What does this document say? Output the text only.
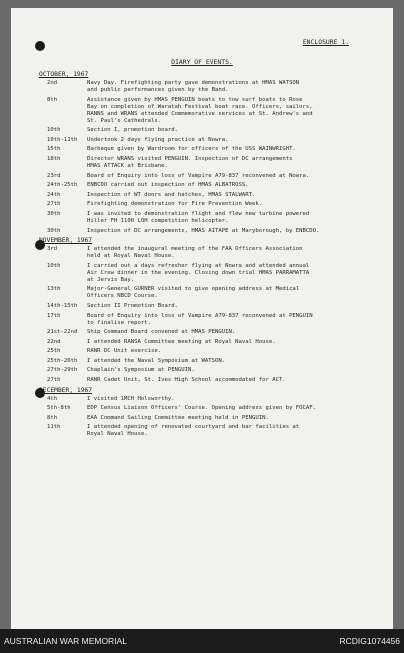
ENCLOSURE 1.
DIARY OF EVENTS.
OCTOBER, 1967
2nd	Navy Day. Firefighting party gave demonstrations at HMAS WATSON
and public performances given by the Band.
8th	Assistance given by HMAS PENGUIN boats to tow surf boats to Rose
Bay on completion of Waratah Festival boat race. Officers, sailors,
RANNS and WRANS attended Commemorative services at St. Andrew's and
St. Paul's Cathedrals.
10th	Section I, promotion board.
10th-11th	Undertook 2 days flying practice at Nowra.
15th	Barbeque given by Wardroom for officers of the USS WAINWRIGHT.
18th	Director WRANS visited PENGUIN. Inspection of DC arrangements
HMAS ATTACK at Brisbane.
23rd	Board of Enquiry into loss of Vampire A79-837 reconvened at Nowra.
24th-25th	ENBCDO carried out inspection of HMAS ALBATROSS.
24th	Inspection of WT doors and hatches, HMAS STALWART.
27th	Firefighting demonstration for Fire Prevention Week.
30th	I was invited to demonstration flight and flew new turbine powered
Hiller FH 1100 LOH competition helicopter.
30th	Inspection of DC arrangements, HMAS AITAPE at Maryborough, by ENBCDO.
NOVEMBER, 1967
3rd	I attended the inaugural meeting of the FAA Officers Association
held at Royal Naval House.
10th	I carried out a days refresher flying at Nowra and attended annual
Air Crew dinner in the evening. Closing down trial HMAS PARRAMATTA
at Jervis Bay.
13th	Major-General GURNER visited to give opening address at Medical
Officers NBCD Course.
14th-15th	Section II Promotion Board.
17th	Board of Enquiry into loss of Vampire A79-837 reconvened at PENGUIN
to finalise report.
21st-22nd	Ship Command Board convened at HMAS PENGUIN.
22nd	I attended RANSA Committee meeting at Royal Naval House.
25th	RANR DC Unit exercise.
25th-26th	I attended the Naval Symposium at WATSON.
27th-29th	Chaplain's Symposium at PENGUIN.
27th	RANR Cadet Unit, St. Ives High School accommodated for ACT.
DECEMBER, 1967
4th	I visited 1MCH Holsworthy.
5th-8th	EDP Census Liaison Officers' Course. Opening address given by FOCAF.
8th	EAA Command Sailing Committee meeting held in PENGUIN.
11th	I attended opening of renovated courtyard and bar facilities at
Royal Naval House.
AUSTRALIAN WAR MEMORIAL	RCDIG1074456
